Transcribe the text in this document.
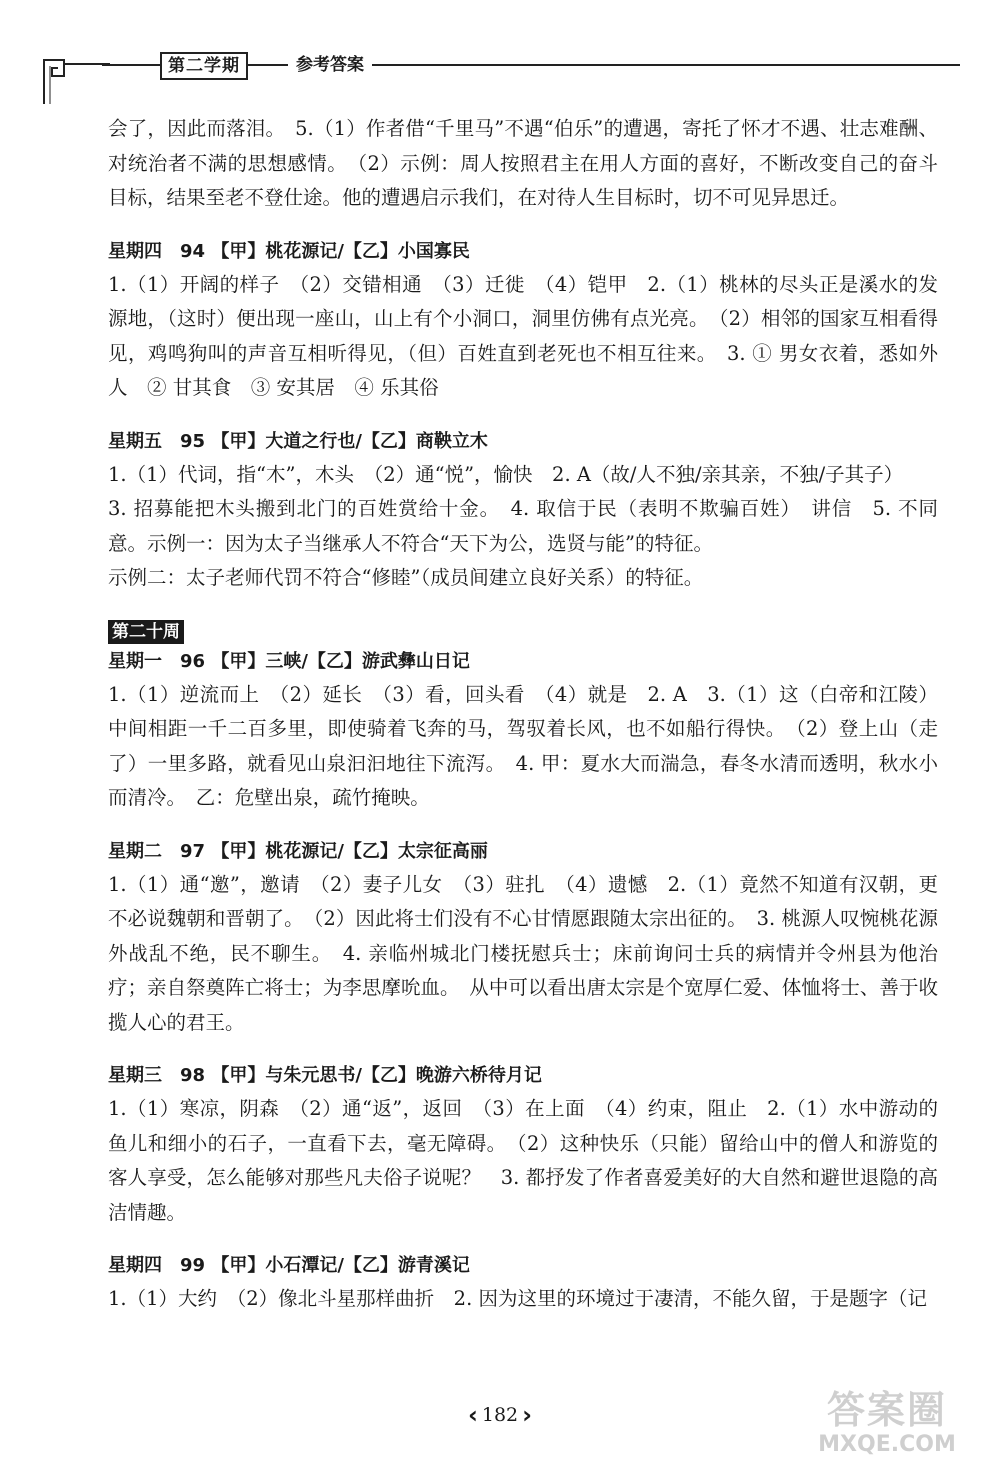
第二学期	参考答案

会了，因此而落泪。　5.（1）作者借“千里马”不遇“伯乐”的遭遇，寄托了怀才不遇、壮志难酬、对统治者不满的思想感情。　（2）示例：周人按照君主在用人方面的喜好，不断改变自己的奋斗目标，结果至老不登仕途。他的遭遇启示我们，在对待人生目标时，切不可见异思迁。

星期四　94 【甲】桃花源记/【乙】小国寡民

1.（1）开阔的样子　（2）交错相通　（3）迁徙　（4）铠甲　2.（1）桃林的尽头正是溪水的发源地，（这时）便出现一座山，山上有个小洞口，洞里仿佛有点光亮。　（2）相邻的国家互相看得见，鸡鸣狗叫的声音互相听得见，（但）百姓直到老死也不相互往来。　3. ① 男女衣着，悉如外人　② 甘其食　③ 安其居　④ 乐其俗

星期五　95 【甲】大道之行也/【乙】商鞅立木

1.（1）代词，指“木”，木头　（2）通“悦”，愉快　2. A（故/人不独/亲其亲，不独/子其子）

3. 招募能把木头搬到北门的百姓赏给十金。　4. 取信于民（表明不欺骗百姓）　讲信　5. 不同意。示例一：因为太子当继承人不符合“天下为公，选贤与能”的特征。

示例二：太子老师代罚不符合“修睦”（成员间建立良好关系）的特征。

第二十周

星期一　96 【甲】三峡/【乙】游武彝山日记

1.（1）逆流而上　（2）延长　（3）看，回头看　（4）就是　2. A　3.（1）这（白帝和江陵）中间相距一千二百多里，即使骑着飞奔的马，驾驭着长风，也不如船行得快。　（2）登上山（走了）一里多路，就看见山泉汩汩地往下流泻。　4. 甲：夏水大而湍急，春冬水清而透明，秋水小而清冷。　乙：危壁出泉，疏竹掩映。

星期二　97 【甲】桃花源记/【乙】太宗征高丽

1.（1）通“邀”，邀请　（2）妻子儿女　（3）驻扎　（4）遗憾　2.（1）竟然不知道有汉朝，更不必说魏朝和晋朝了。　（2）因此将士们没有不心甘情愿跟随太宗出征的。　3. 桃源人叹惋桃花源外战乱不绝，民不聊生。　4. 亲临州城北门楼抚慰兵士；床前询问士兵的病情并令州县为他治疗；亲自祭奠阵亡将士；为李思摩吮血。　从中可以看出唐太宗是个宽厚仁爱、体恤将士、善于收揽人心的君王。

星期三　98 【甲】与朱元思书/【乙】晚游六桥待月记

1.（1）寒凉，阴森　（2）通“返”，返回　（3）在上面　（4）约束，阻止　2.（1）水中游动的鱼儿和细小的石子，一直看下去，毫无障碍。　（2）这种快乐（只能）留给山中的僧人和游览的客人享受，怎么能够对那些凡夫俗子说呢？　3. 都抒发了作者喜爱美好的大自然和避世退隐的高洁情趣。

星期四　99 【甲】小石潭记/【乙】游青溪记

1.（1）大约　（2）像北斗星那样曲折　2. 因为这里的环境过于凄清，不能久留，于是题字（记

‹ 182 ›	答案圈
MXQE.COM
